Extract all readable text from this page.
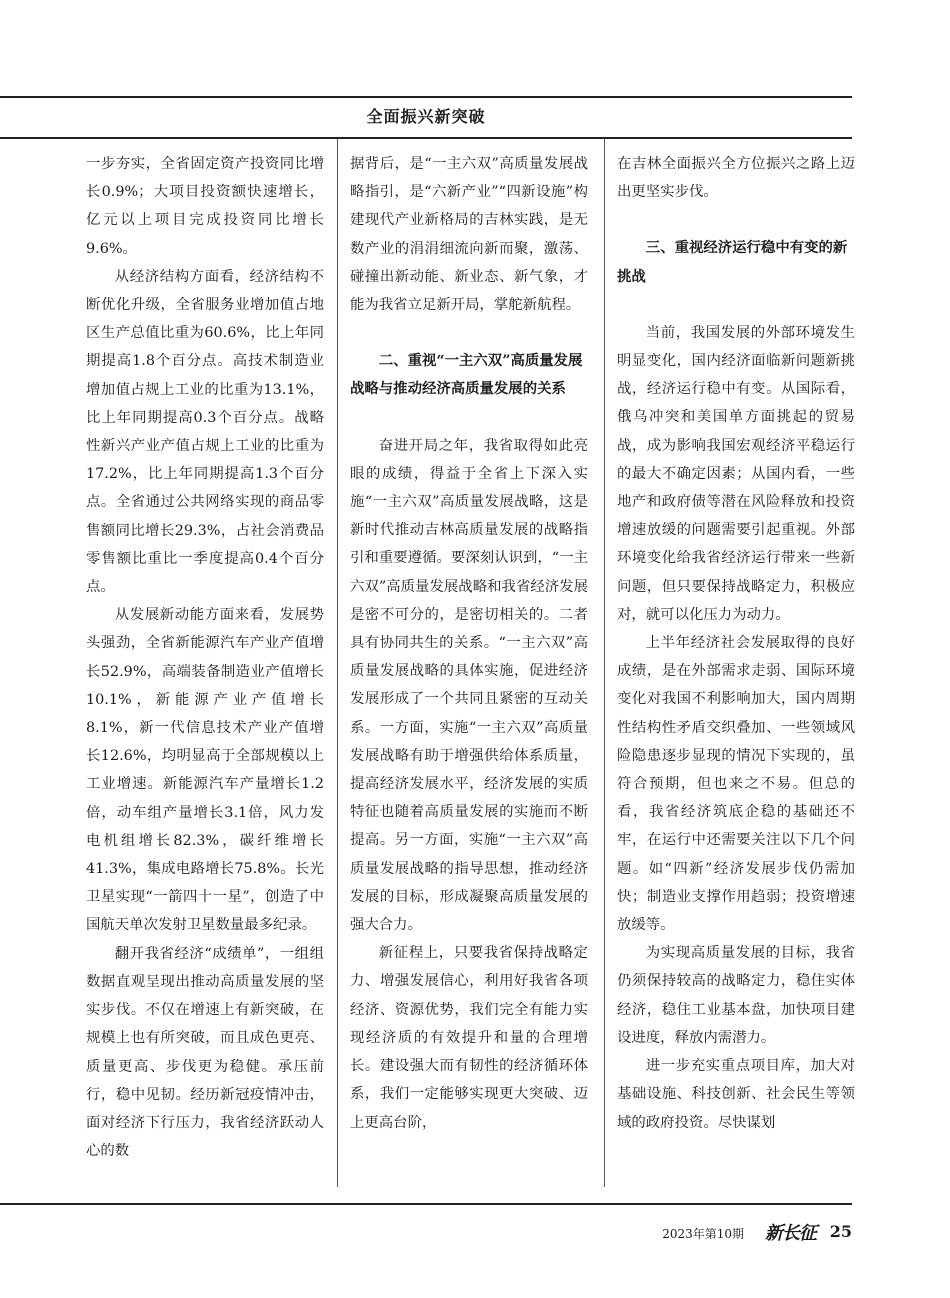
全面振兴新突破

一步夯实，全省固定资产投资同比增长0.9%；大项目投资额快速增长，亿元以上项目完成投资同比增长9.6%。

从经济结构方面看，经济结构不断优化升级，全省服务业增加值占地区生产总值比重为60.6%，比上年同期提高1.8个百分点。高技术制造业增加值占规上工业的比重为13.1%，比上年同期提高0.3个百分点。战略性新兴产业产值占规上工业的比重为17.2%，比上年同期提高1.3个百分点。全省通过公共网络实现的商品零售额同比增长29.3%，占社会消费品零售额比重比一季度提高0.4个百分点。

从发展新动能方面来看，发展势头强劲，全省新能源汽车产业产值增长52.9%，高端装备制造业产值增长10.1%，新能源产业产值增长8.1%，新一代信息技术产业产值增长12.6%，均明显高于全部规模以上工业增速。新能源汽车产量增长1.2倍，动车组产量增长3.1倍，风力发电机组增长82.3%，碳纤维增长41.3%，集成电路增长75.8%。长光卫星实现“一箭四十一星”，创造了中国航天单次发射卫星数量最多纪录。

翻开我省经济“成绩单”，一组组数据直观呈现出推动高质量发展的坚实步伐。不仅在增速上有新突破，在规模上也有所突破，而且成色更亮、质量更高、步伐更为稳健。承压前行，稳中见韧。经历新冠疫情冲击，面对经济下行压力，我省经济跃动人心的数

据背后，是“一主六双”高质量发展战略指引，是“六新产业”“四新设施”构建现代产业新格局的吉林实践，是无数产业的涓涓细流向新而聚，激荡、碰撞出新动能、新业态、新气象，才能为我省立足新开局，掌舵新航程。

二、重视“一主六双”高质量发展战略与推动经济高质量发展的关系

奋进开局之年，我省取得如此亮眼的成绩，得益于全省上下深入实施“一主六双”高质量发展战略，这是新时代推动吉林高质量发展的战略指引和重要遵循。要深刻认识到，“一主六双”高质量发展战略和我省经济发展是密不可分的，是密切相关的。二者具有协同共生的关系。“一主六双”高质量发展战略的具体实施，促进经济发展形成了一个共同且紧密的互动关系。一方面，实施“一主六双”高质量发展战略有助于增强供给体系质量，提高经济发展水平，经济发展的实质特征也随着高质量发展的实施而不断提高。另一方面，实施“一主六双”高质量发展战略的指导思想，推动经济发展的目标，形成凝聚高质量发展的强大合力。

新征程上，只要我省保持战略定力、增强发展信心，利用好我省各项经济、资源优势，我们完全有能力实现经济质的有效提升和量的合理增长。建设强大而有韧性的经济循环体系，我们一定能够实现更大突破、迈上更高台阶，

在吉林全面振兴全方位振兴之路上迈出更坚实步伐。

三、重视经济运行稳中有变的新挑战

当前，我国发展的外部环境发生明显变化，国内经济面临新问题新挑战，经济运行稳中有变。从国际看，俄乌冲突和美国单方面挑起的贸易战，成为影响我国宏观经济平稳运行的最大不确定因素；从国内看，一些地产和政府债等潜在风险释放和投资增速放缓的问题需要引起重视。外部环境变化给我省经济运行带来一些新问题，但只要保持战略定力，积极应对，就可以化压力为动力。

上半年经济社会发展取得的良好成绩，是在外部需求走弱、国际环境变化对我国不利影响加大，国内周期性结构性矛盾交织叠加、一些领域风险隐患逐步显现的情况下实现的，虽符合预期，但也来之不易。但总的看，我省经济筑底企稳的基础还不牢，在运行中还需要关注以下几个问题。如“四新”经济发展步伐仍需加快；制造业支撑作用趋弱；投资增速放缓等。

为实现高质量发展的目标，我省仍须保持较高的战略定力，稳住实体经济，稳住工业基本盘，加快项目建设进度，释放内需潜力。

进一步充实重点项目库，加大对基础设施、科技创新、社会民生等领域的政府投资。尽快谋划

2023年第10期 新长征 25
